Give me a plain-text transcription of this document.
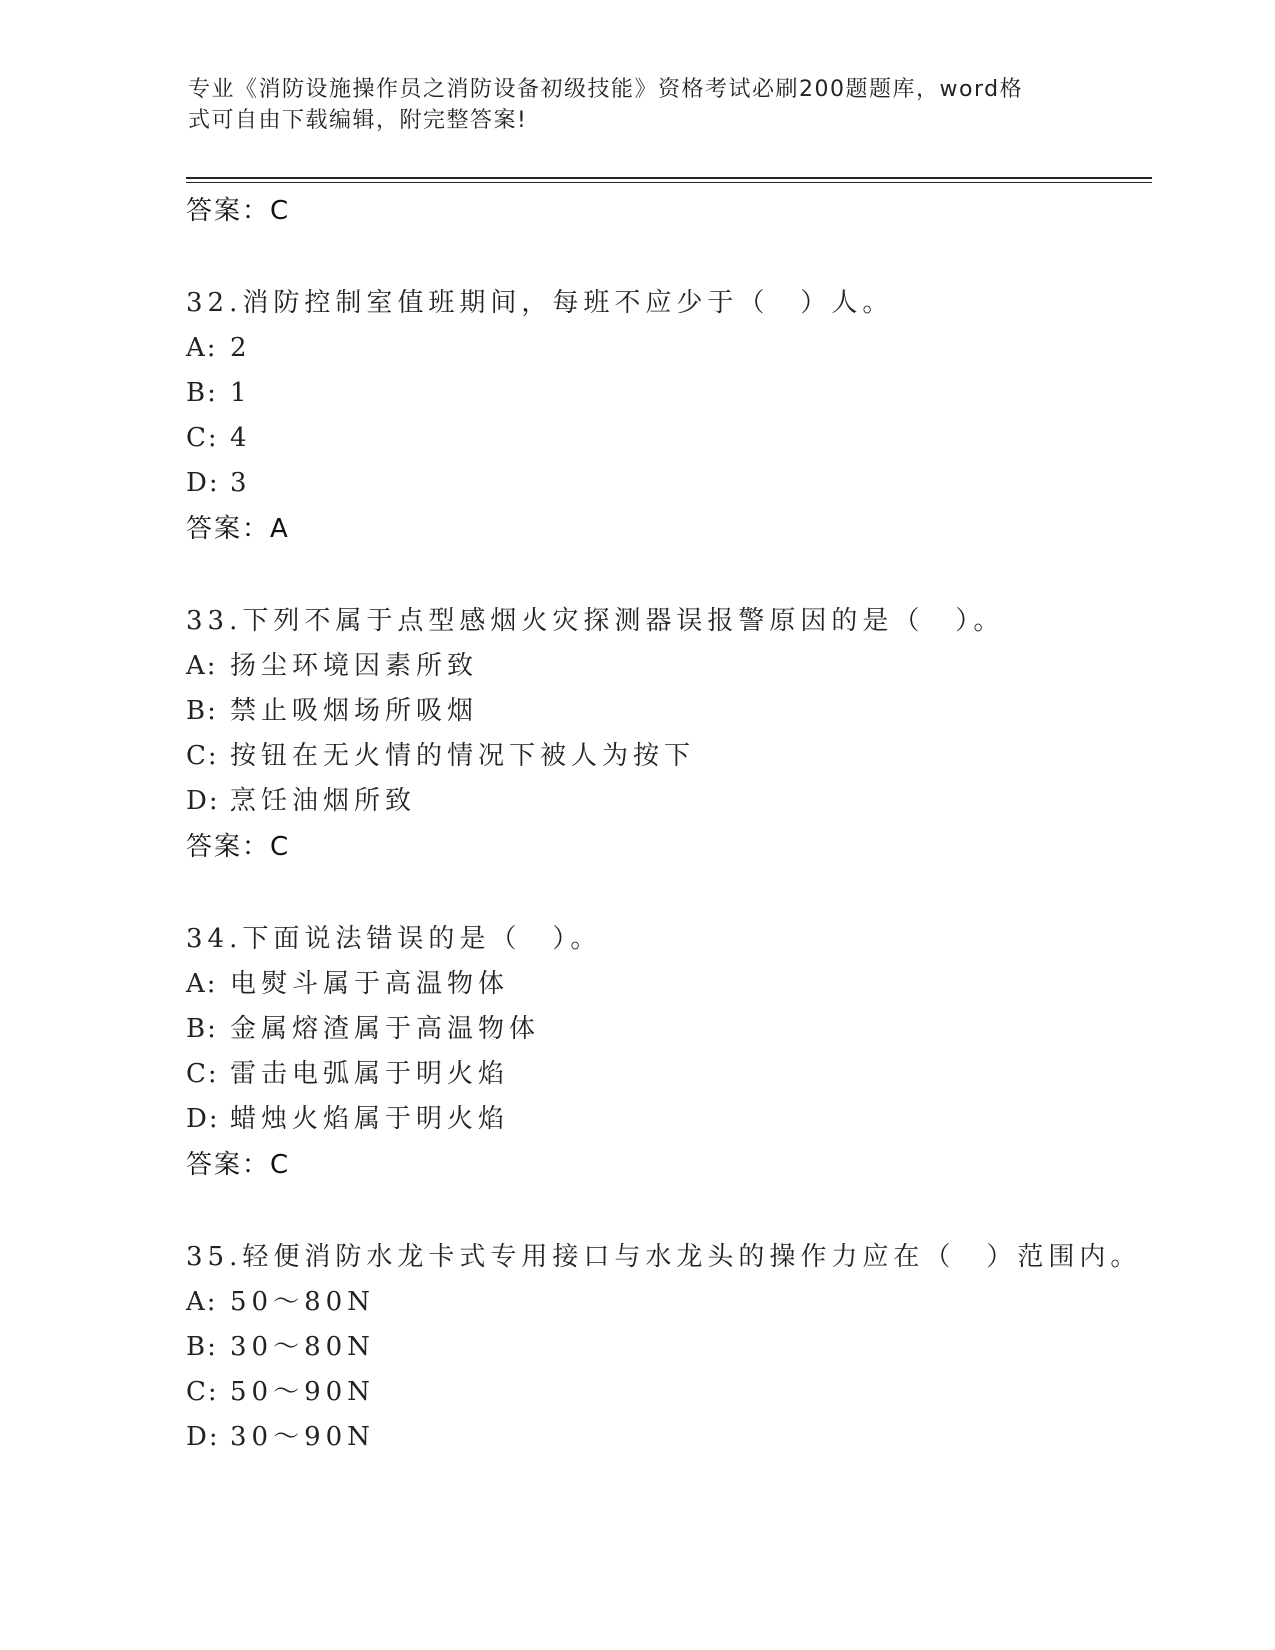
专业《消防设施操作员之消防设备初级技能》资格考试必刷200题题库，word格
式可自由下载编辑，附完整答案!
答案：C
32.消防控制室值班期间，每班不应少于（　）人。
A: 2
B: 1
C: 4
D: 3
答案：A
33.下列不属于点型感烟火灾探测器误报警原因的是（　）。
A: 扬尘环境因素所致
B: 禁止吸烟场所吸烟
C: 按钮在无火情的情况下被人为按下
D: 烹饪油烟所致
答案：C
34.下面说法错误的是（　）。
A: 电熨斗属于高温物体
B: 金属熔渣属于高温物体
C: 雷击电弧属于明火焰
D: 蜡烛火焰属于明火焰
答案：C
35.轻便消防水龙卡式专用接口与水龙头的操作力应在（　）范围内。
A: 50～80N
B: 30～80N
C: 50～90N
D: 30～90N
